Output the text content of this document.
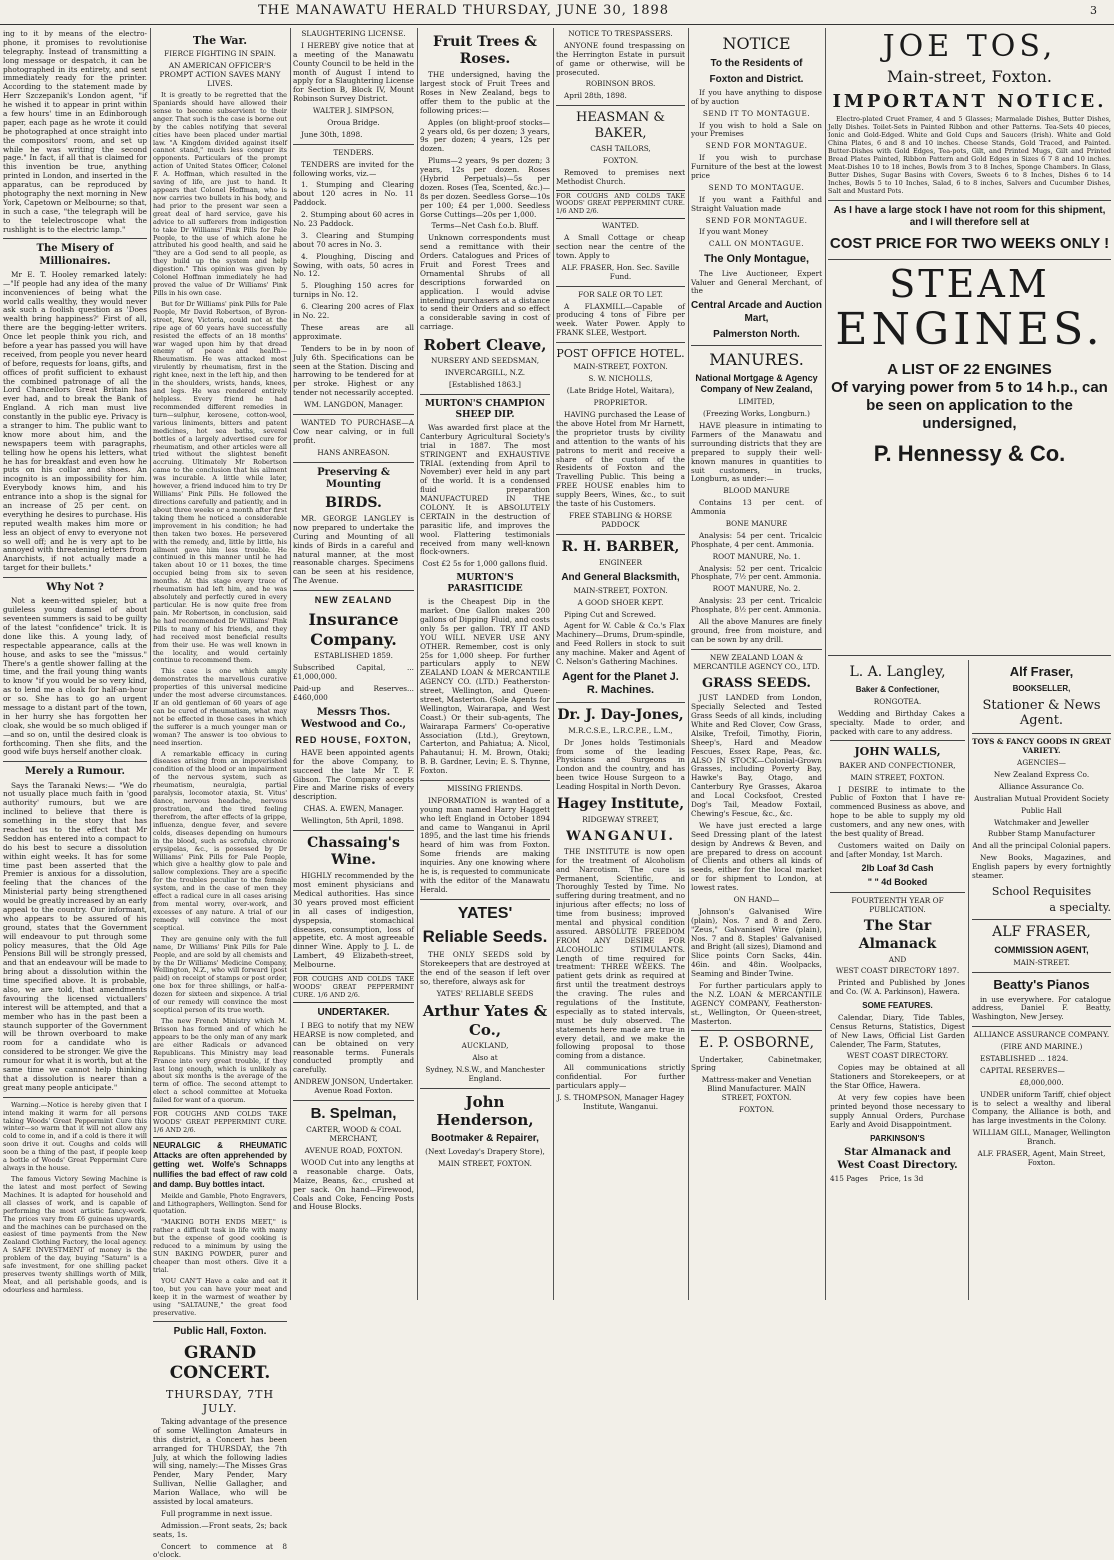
THE MANAWATU HERALD THURSDAY, JUNE 30, 1898	3

ing to it by means of the electro-phone, it promises to revolutionise telegraphy. Instead of transmitting a long message or despatch, it can be photographed in its entirety, and sent immediately ready for the printer. According to the statement made by Herr Szczepanik's London agent, "if he wished it to appear in print within a few hours' time in an Edinborough paper, each page as he wrote it could be photographed at once straight into the compositors' room, and set up while he was writing the second page." In fact, if all that is claimed for this invention be true, anything printed in London, and inserted in the apparatus, can be reproduced by photography the next morning in New York, Capetown or Melbourne; so that, in such a case, "the telegraph will be to the telelectroscope what the rushlight is to the electric lamp."

The Misery of Millionaires.

Mr E. T. Hooley remarked lately:—"If people had any idea of the many inconveniences of being what the world calls wealthy, they would never ask such a foolish question as 'Does wealth bring happiness?' First of all, there are the begging-letter writers. Once let people think you rich, and before a year has passed you will have received, from people you never heard of before, requests for loans, gifts, and offices of profit sufficient to exhaust the combined patronage of all the Lord Chancellors Great Britain has ever had, and to break the Bank of England. A rich man must live constantly in the public eye. Privacy is a stranger to him. The public want to know more about him, and the newspapers teem with paragraphs, telling how he opens his letters, what he has for breakfast and even how he puts on his collar and shoes. An incognito is an impossibility for him. Everybody knows him, and his entrance into a shop is the signal for an increase of 25 per cent. on everything he desires to purchase. His reputed wealth makes him more or less an object of envy to everyone not so well off; and he is very apt to be annoyed with threatening letters from Anarchists, if not actually made a target for their bullets."

Why Not ?

Not a keen-witted spieler, but a guileless young damsel of about seventeen summers is said to be guilty of the latest "confidence" trick. It is done like this. A young lady, of respectable appearance, calls at the house, and asks to see the "missus." There's a gentle shower falling at the time, and the frail young thing wants to know "if you would be so very kind, as to lend me a cloak for half-an-hour or so. She has to go an urgent message to a distant part of the town, in her hurry she has forgotten her cloak, she would be so much obliged if—and so on, until the desired cloak is forthcoming. Then she flits, and the good wife buys herself another cloak.

Merely a Rumour.

Says the Taranaki News:— "We do not usually place much faith in 'good authority' rumours, but we are inclined to believe that there is something in the story that has reached us to the effect that Mr Seddon has entered into a compact to do his best to secure a dissolution within eight weeks. It has for some time past been asserted that the Premier is anxious for a dissolution, feeling that the chances of the Ministerial party being strengthened would be greatly increased by an early appeal to the country. Our informant, who appears to be assured of his ground, states that the Government will endeavour to put through some policy measures, that the Old Age Pensions Bill will be strongly pressed, and that an endeavour will be made to bring about a dissolution within the time specified above. It is probable, also, we are told, that amendments favouring the licensed victuallers' interest will be attempted, and that a member who has in the past been a staunch supporter of the Government will be thrown overboard to make room for a candidate who is considered to be stronger. We give the rumour for what it is worth, but at the same time we cannot help thinking that a dissolution is nearer than a great many people anticipate."

Warning.—Notice is hereby given that I intend making it warm for all persons taking Woods' Great Peppermint Cure this winter—so warm that it will not allow any cold to come in, and if a cold is there it will soon drive it out. Coughs and colds will soon be a thing of the past, if people keep a bottle of Woods' Great Peppermint Cure always in the house.

The famous Victory Sewing Machine is the latest and most perfect of Sewing Machines. It is adapted for household and all classes of work, and is capable of performing the most artistic fancy-work. The prices vary from £6 guineas upwards, and the machines can be purchased on the easiest of time payments from the New Zealand Clothing Factory, the local agency. A SAFE INVESTMENT of money is the problem of the day, buying "Saturn" is a safe investment, for one shilling packet preserves twenty shillings worth of Milk, Meat, and all perishable goods, and is odourless and harmless.

The War.

FIERCE FIGHTING IN SPAIN.

AN AMERICAN OFFICER'S PROMPT ACTION SAVES MANY LIVES.

It is greatly to be regretted that the Spaniards should have allowed their sense to become subservient to their anger. That such is the case is borne out by the cables notifying that several cities have been placed under martial law. "A Kingdom divided against itself cannot stand," much less conquer its opponents. Particulars of the prompt action of United States Officer, Colonel F. A. Hoffman, which resulted in the saving of life, are just to hand. It appears that Colonel Hoffman, who is now carries two bullets in his body, and had prior to the present war seen a great deal of hard service, gave his advice to all sufferers from indigestion to take Dr Williams' Pink Pills for Pale People, to the use of which alone he attributed his good health, and said he "they are a God send to all people, as they build up the system and help digestion." This opinion was given by Colonel Hoffman immediately he had proved the value of Dr Williams' Pink Pills in his own case.

But for Dr Williams' pink Pills for Pale People, Mr David Robertson, of Byron-street, Kew, Victoria, could not at the ripe age of 60 years have successfully resisted the effects of an 18 months' war waged upon him by that dread enemy of peace and health—Rheumatism. He was attacked most virulently by rheumatism, first in the right knee, next in the left hip, and then in the shoulders, wrists, hands, knees, and legs. He was rendered entirely helpless. Every friend he had recommended different remedies in turn—sulphur, kerosene, cotton-wool, various liniments, bitters and patent medicines, hot sea baths, several bottles of a largely advertised cure for rheumatism, and other articles were all tried without the slightest benefit accruing. Ultimately Mr Robertson came to the conclusion that his ailment was incurable. A little while later, however, a friend induced him to try Dr Williams' Pink Pills. He followed the directions carefully and patiently, and in about three weeks or a month after first taking them he noticed a considerable improvement in his condition; he had then taken two boxes. He persevered with the remedy, and, little by little, his ailment gave him less trouble. He continued in this manner until he had taken about 10 or 11 boxes, the time occupied being from six to seven months. At this stage every trace of rheumatism had left him, and he was absolutely and perfectly cured in every particular. He is now quite free from pain. Mr Robertson, in conclusion, said he had recommended Dr Williams' Pink Pills to many of his friends, and they had received most beneficial results from their use. He was well known in the locality, and would certainly continue to recommend them.

This case is one which amply demonstrates the marvellous curative properties of this universal medicine under the most adverse circumstances. If an old gentleman of 60 years of age can be cured of rheumatism, what may not be effected in those cases in which the sufferer is a much younger man or woman? The answer is too obvious to need insertion.

A remarkable efficacy in curing diseases arising from an impoverished condition of the blood or an impairment of the nervous system, such as rheumatism, neuralgia, partial paralysis, locomotor ataxia, St. Vitus' dance, nervous headache, nervous prostration, and the tired feeling therefrom, the after effects of la grippe, influenza, dengue fever, and severe colds, diseases depending on humours in the blood, such as scrofula, chronic erysipelas, &c., is possessed by Dr Williams' Pink Pills for Pale People, which give a healthy glow to pale and sallow complexions. They are a specific for the troubles peculiar to the female system, and in the case of men they effect a radical cure in all cases arising from mental worry, over-work, and excesses of any nature. A trial of our remedy will convince the most sceptical.

They are genuine only with the full name, Dr Williams' Pink Pills for Pale People, and are sold by all chemists and by the Dr Williams' Medicine Company, Wellington, N.Z., who will forward (post paid) on receipt of stamps or post order, one box for three shillings, or half-a-dozen for sixteen and sixpence. A trial of our remedy will convince the most sceptical person of its true worth.

The new French Ministry which M. Brisson has formed and of which he appears to be the only man of any mark are either Radicals or advanced Republicans. This Ministry may lead France into very great trouble, if they last long enough, which is unlikely as about six months is the average of the term of office. The second attempt to elect a school committee at Motueka failed for want of a quorum.

FOR COUGHS AND COLDS TAKE WOODS' GREAT PEPPERMINT CURE. 1/6 AND 2/6.

NEURALGIC & RHEUMATIC Attacks are often apprehended by getting wet. Wolfe's Schnapps nullifies the bad effect of raw cold and damp. Buy bottles intact.

Meikle and Gamble, Photo Engravers, and Lithographers, Wellington. Send for quotation.

"MAKING BOTH ENDS MEET," is rather a difficult task in life with many but the expense of good cooking is reduced to a minimum by using the SUN BAKING POWDER, purer and cheaper than most others. Give it a trial.

YOU CAN'T Have a cake and eat it too, but you can have your meat and keep it in the warmest of weather by using "SALTAUNE," the great food preservative.

Public Hall, Foxton.
GRAND CONCERT.
THURSDAY, 7TH JULY.

Taking advantage of the presence of some Wellington Amateurs in this district, a Concert has been arranged for THURSDAY, the 7th July, at which the following ladies will sing, namely:—The Misses Gras Pender, Mary Pender, Mary Sullivan, Nellie Gallagher, and Marion Wallace, who will be assisted by local amateurs.

Full programme in next issue.

Admission.—Front seats, 2s; back seats, 1s.

Concert to commence at 8 o'clock.

SLAUGHTERING LICENSE.

I HEREBY give notice that at a meeting of the Manawatu County Council to be held in the month of August I intend to apply for a Slaughtering License for Section B, Block IV, Mount Robinson Survey District.

WALTER J. SIMPSON,

Oroua Bridge.

June 30th, 1898.

TENDERS.

TENDERS are invited for the following works, viz.—

1. Stumping and Clearing about 120 acres in No. 11 Paddock.

2. Stumping about 60 acres in No. 23 Paddock.

3. Clearing and Stumping about 70 acres in No. 3.

4. Ploughing, Discing and Sowing, with oats, 50 acres in No. 12.

5. Ploughing 150 acres for turnips in No. 12.

6. Clearing 200 acres of Flax in No. 22.

These areas are all approximate.

Tenders to be in by noon of July 6th. Specifications can be seen at the Station. Discing and harrowing to be tendered for at per stroke. Highest or any tender not necessarily accepted.

WM. LANGDON, Manager.

WANTED TO PURCHASE—A Cow near calving, or in full profit.

HANS ANREASON.

Preserving & Mounting
BIRDS.

MR. GEORGE LANGLEY is now prepared to undertake the Curing and Mounting of all kinds of Birds in a careful and natural manner, at the most reasonable charges. Specimens can be seen at his residence, The Avenue.

NEW ZEALAND
Insurance Company.

ESTABLISHED 1859.

Subscribed Capital, ... £1,000,000.

Paid-up and Reserves... £460,000

Messrs Thos. Westwood and Co.,
RED HOUSE, FOXTON,

HAVE been appointed agents for the above Company, to succeed the late Mr T. F. Gibson. The Company accepts Fire and Marine risks of every description.

CHAS. A. EWEN, Manager.

Wellington, 5th April, 1898.

Chassaing's Wine.

HIGHLY recommended by the most eminent physicians and Medical authorities. Has since 30 years proved most efficient in all cases of indigestion, dyspepsia, stomachical diseases, consumption, loss of appetite, etc. A most agreeable dinner Wine. Apply to J. L. de Lambert, 49 Elizabeth-street, Melbourne.

FOR COUGHS AND COLDS TAKE WOODS' GREAT PEPPERMINT CURE. 1/6 AND 2/6.
UNDERTAKER.

I BEG to notify that my NEW HEARSE is now completed, and can be obtained on very reasonable terms. Funerals conducted promptly and carefully.

ANDREW JONSON, Undertaker. Avenue Road Foxton.

B. Spelman,

CARTER, WOOD & COAL MERCHANT,

AVENUE ROAD, FOXTON.

WOOD Cut into any lengths at a reasonable charge. Oats, Maize, Beans, &c., crushed at per sack. On hand—Firewood, Coals and Coke, Fencing Posts and House Blocks.

Fruit Trees & Roses.

THE undersigned, having the largest stock of Fruit Trees and Roses in New Zealand, begs to offer them to the public at the following prices:—

Apples (on blight-proof stocks—2 years old, 6s per dozen; 3 years, 9s per dozen; 4 years, 12s per dozen.

Plums—2 years, 9s per dozen; 3 years, 12s per dozen. Roses (Hybrid Perpetuals)—5s per dozen. Roses (Tea, Scented, &c.)—8s per dozen. Seedless Gorse—10s per 100; £4 per 1,000. Seedless Gorse Cuttings—20s per 1,000.

Terms—Net Cash f.o.b. Bluff.

Unknown correspondents must send a remittance with their Orders. Catalogues and Prices of Fruit and Forest Trees and Ornamental Shrubs of all descriptions forwarded on application. I would advise intending purchasers at a distance to send their Orders and so effect a considerable saving in cost of carriage.

Robert Cleave,

NURSERY AND SEEDSMAN,

INVERCARGILL, N.Z.

[Established 1863.]

MURTON'S CHAMPION SHEEP DIP.

Was awarded first place at the Canterbury Agricultural Society's trial in 1887. The most STRINGENT and EXHAUSTIVE TRIAL (extending from April to November) ever held in any part of the world. It is a condensed fluid preparation MANUFACTURED IN THE COLONY. It is ABSOLUTELY CERTAIN in the destruction of parasitic life, and improves the wool. Flattering testimonials received from many well-known flock-owners.

Cost £2 5s for 1,000 gallons fluid.

MURTON'S PARASITICIDE

is the Cheapest Dip in the market. One Gallon makes 200 gallons of Dipping Fluid, and costs only 5s per gallon. TRY IT AND YOU WILL NEVER USE ANY OTHER. Remember, cost is only 25s for 1,000 sheep. For further particulars apply to NEW ZEALAND LOAN & MERCANTILE AGENCY CO. (LTD.) Featherston-street, Wellington, and Queen-street, Masterton. (Sole Agents for Wellington, Wairarapa, and West Coast.) Or their sub-agents, The Wairarapa Farmers' Co-operative Association (Ltd.), Greytown, Carterton, and Pahiatua; A. Nicol, Pahautanui; H. M. Brown, Otaki; B. B. Gardner, Levin; E. S. Thynne, Foxton.

MISSING FRIENDS.

INFORMATION is wanted of a young man named Harry Haggett who left England in October 1894 and came to Wanganui in April 1895, and the last time his friends heard of him was from Foxton. Some friends are making inquiries. Any one knowing where he is, is requested to communicate with the editor of the Manawatu Herald.

YATES'
Reliable Seeds.

THE ONLY SEEDS sold by Storekeepers that are destroyed at the end of the season if left over so, therefore, always ask for

YATES' RELIABLE SEEDS

Arthur Yates & Co.,

AUCKLAND,

Also at

Sydney, N.S.W., and Manchester England.

John Henderson,
Bootmaker & Repairer,

(Next Loveday's Drapery Store),

MAIN STREET, FOXTON.

NOTICE TO TRESPASSERS.

ANYONE found trespassing on the Herrington Estate in pursuit of game or otherwise, will be prosecuted.

ROBINSON BROS.

April 28th, 1898.

HEASMAN & BAKER,

CASH TAILORS,

FOXTON.

Removed to premises next Methodist Church.

FOR COUGHS AND COLDS TAKE WOODS' GREAT PEPPERMINT CURE. 1/6 AND 2/6.

WANTED.

A Small Cottage or cheap section near the centre of the town. Apply to

ALF. FRASER, Hon. Sec. Saville Fund.

FOR SALE OR TO LET.

A FLAXMILL—Capable of producing 4 tons of Fibre per week. Water Power. Apply to FRANK SLEE, Westport.

POST OFFICE HOTEL.

MAIN-STREET, FOXTON.

S. W. NICHOLLS,

(Late Bridge Hotel, Waitara),

PROPRIETOR.

HAVING purchased the Lease of the above Hotel from Mr Harnett, the proprietor trusts by civility and attention to the wants of his patrons to merit and receive a share of the custom of the Residents of Foxton and the Travelling Public. This being a FREE HOUSE enables him to supply Beers, Wines, &c., to suit the taste of his Customers.

FREE STABLING & HORSE PADDOCK

R. H. BARBER,

ENGINEER

And General Blacksmith,

MAIN-STREET, FOXTON.

A GOOD SHOER KEPT.

Piping Cut and Screwed.

Agent for W. Cable & Co.'s Flax Machinery—Drums, Drum-spindle, and Feed Rollers in stock to suit any machine. Maker and Agent of C. Nelson's Gathering Machines.

Agent for the Planet J. R. Machines.
Dr. J. Day-Jones,

M.R.C.S.E., L.R.C.P.E., L.M.,

Dr Jones holds Testimonials from some of the leading Physicians and Surgeons in London and the country, and has been twice House Surgeon to a Leading Hospital in North Devon.

Hagey Institute,

RIDGEWAY STREET,

WANGANUI.

THE INSTITUTE is now open for the treatment of Alcoholism and Narcotism. The cure is Permanent, Scientific, and Thoroughly Tested by Time. No suffering during treatment, and no injurious after effects; no loss of time from business; improved mental and physical condition assured. ABSOLUTE FREEDOM FROM ANY DESIRE FOR ALCOHOLIC STIMULANTS. Length of time required for treatment: THREE WEEKS. The patient gets drink as required at first until the treatment destroys the craving. The rules and regulations of the Institute, especially as to stated intervals, must be duly observed. The statements here made are true in every detail, and we make the following proposal to those coming from a distance.

All communications strictly confidential. For further particulars apply—

J. S. THOMPSON, Manager Hagey Institute, Wanganui.

NOTICE
To the Residents of
Foxton and District.

If you have anything to dispose of by auction

SEND IT TO MONTAGUE.

If you wish to hold a Sale on your Premises

SEND FOR MONTAGUE.

If you wish to purchase Furniture of the best at the lowest price

SEND TO MONTAGUE.

If you want a Faithful and Straight Valuation made

SEND FOR MONTAGUE.

If you want Money

CALL ON MONTAGUE.

The Only Montague,

The Live Auctioneer, Expert Valuer and General Merchant, of the

Central Arcade and Auction Mart,
Palmerston North.
MANURES.
National Mortgage & Agency Company of New Zealand,

LIMITED,

(Freezing Works, Longburn.)

HAVE pleasure in intimating to Farmers of the Manawatu and surrounding districts that they are prepared to supply their well-known manures in quantities to suit customers, in trucks, Longburn, as under:—

BLOOD MANURE

Contains 13 per cent. of Ammonia

BONE MANURE

Analysis: 54 per cent. Tricalcic Phosphate, 4 per cent. Ammonia.

ROOT MANURE, No. 1.

Analysis: 52 per cent. Tricalcic Phosphate, 7½ per cent. Ammonia.

ROOT MANURE, No. 2.

Analysis: 23 per cent. Tricalcic Phosphate, 8½ per cent. Ammonia.

All the above Manures are finely ground, free from moisture, and can be sown by any drill.

NEW ZEALAND LOAN & MERCANTILE AGENCY CO., LTD.

GRASS SEEDS.

JUST LANDED from London, Specially Selected and Tested Grass Seeds of all kinds, including White and Red Clover, Cow Grass, Alsike, Trefoil, Timothy, Fiorin, Sheep's, Hard and Meadow Fescues, Essex Rape, Peas, &c. ALSO IN STOCK—Colonial-Grown Grasses, including Poverty Bay, Hawke's Bay, Otago, and Canterbury Rye Grasses, Akaroa and Local Cocksfoot, Crested Dog's Tail, Meadow Foxtail, Chewing's Fescue, &c., &c.

We have just erected a large Seed Dressing plant of the latest design by Andrews & Beven, and are prepared to dress on account of Clients and others all kinds of seeds, either for the local market or for shipment to London, at lowest rates.

ON HAND—

Johnson's Galvanised Wire (plain), Nos. 7 and 8 and Zero. "Zeus," Galvanised Wire (plain), Nos. 7 and 8. Staples' Galvanised and Bright (all sizes), Diamond and Slice points Corn Sacks, 44in. 46in. and 48in. Woolpacks, Seaming and Binder Twine.

For further particulars apply to the N.Z. LOAN & MERCANTILE AGENCY COMPANY, Featherston-st., Wellington, Or Queen-street, Masterton.

E. P. OSBORNE,

Undertaker, Cabinetmaker, Spring

Mattress-maker and Venetian Blind Manufacturer. MAIN STREET, FOXTON.

FOXTON.

JOE TOS,
Main-street, Foxton.
IMPORTANT NOTICE.

Electro-plated Cruet Framer, 4 and 5 Glasses; Marmalade Dishes, Butter Dishes, Jelly Dishes. Toilet-Sets in Painted Ribbon and other Patterns. Tea-Sets 40 pieces, Ionic and Gold-Edged. White and Gold Cups and Saucers (Irish). White and Gold China Plates, 6 and 8 and 10 inches. Cheese Stands, Gold Traced, and Painted. Butter-Dishes with Gold Edges, Tea-pots, Gilt, and Printed Mugs, Gilt and Printed Bread Plates Painted, Ribbon Pattern and Gold Edges in Sizes 6 7 8 and 10 inches. Meat-Dishes 10 to 18 inches, Bowls from 3 to 8 Inches, Sponge Chambers. In Glass, Butter Dishes, Sugar Basins with Covers, Sweets 6 to 8 Inches, Dishes 6 to 14 Inches, Bowls 5 to 10 Inches, Salad, 6 to 8 inches, Salvers and Cucumber Dishes, Salt and Mustard Pots.

As I have a large stock I have not room for this shipment, and I will therefore sell at

COST PRICE FOR TWO WEEKS ONLY !
STEAM
ENGINES.
A LIST OF 22 ENGINES
Of varying power from 5 to 14 h.p., can be seen on application to the undersigned,
P. Hennessy & Co.
L. A. Langley,
Baker & Confectioner,

RONGOTEA.

Wedding and Birthday Cakes a specialty. Made to order, and packed with care to any address.

JOHN WALLS,

BAKER AND CONFECTIONER,

MAIN STREET, FOXTON.

I DESIRE to intimate to the Public of Foxton that I have re-commenced Business as above, and hope to be able to supply my old customers, and any new ones, with the best quality of Bread.

Customers waited on Daily on and [after Monday, 1st March.

2lb Loaf 3d Cash

" " 4d Booked

FOURTEENTH YEAR OF PUBLICATION.

The Star Almanack

AND

WEST COAST DIRECTORY 1897.

Printed and Published by Jones and Co. (W. A. Parkinson), Hawera.

SOME FEATURES.

Calendar, Diary, Tide Tables, Census Returns, Statistics, Digest of New Laws, Official List Garden Calender, The Farm, Statutes,

WEST COAST DIRECTORY.

Copies may be obtained at all Stationers and Storekeepers, or at the Star Office, Hawera.

At very few copies have been printed beyond those necessary to supply Annual Orders, Purchase Early and Avoid Disappointment.

PARKINSON'S
Star Almanack and West Coast Directory.

415 Pages Price, 1s 3d

Alf Fraser,
BOOKSELLER,
Stationer & News Agent.

TOYS & FANCY GOODS IN GREAT VARIETY.

AGENCIES—

New Zealand Express Co.

Alliance Assurance Co.

Australian Mutual Provident Society

Public Hall

Watchmaker and Jeweller

Rubber Stamp Manufacturer

And all the principal Colonial papers.

New Books, Magazines, and English papers by every fortnightly steamer.

School Requisites

a specialty.

ALF FRASER,
COMMISSION AGENT,

MAIN-STREET.

Beatty's Pianos

in use everywhere. For catalogue address, Daniel F. Beatty, Washington, New Jersey.

ALLIANCE ASSURANCE COMPANY.

(FIRE AND MARINE.)

ESTABLISHED ... 1824.

CAPITAL RESERVES—

£8,000,000.

UNDER uniform Tariff, chief object is to select a wealthy and liberal Company, the Alliance is both, and has large investments in the Colony.

WILLIAM GILL, Manager, Wellington Branch.

ALF. FRASER, Agent, Main Street, Foxton.
